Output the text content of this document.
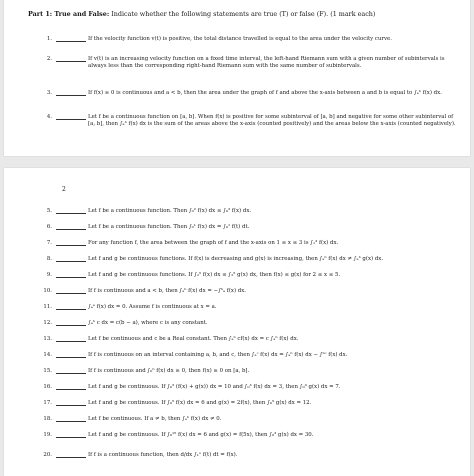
Part 1: True and False: Indicate whether the following statements are true (T) or false (F). (1 mark each)
1.	If the velocity function v(t) is positive, the total distance travelled is equal to the area under the velocity curve.
2.	If v(t) is an increasing velocity function on a fixed time interval, the left-hand Riemann sum with a given number of subintervals is always less than the corresponding right-hand Riemann sum with the same number of subintervals.
3.	If f(x) ≥ 0 is continuous and a < b, then the area under the graph of f and above the x-axis between a and b is equal to ∫ₐᵇ f(x) dx.
4.	Let f be a continuous function on [a, b]. When f(x) is positive for some subinterval of [a, b] and negative for some other subinterval of [a, b], then ∫ₐᵇ f(x) dx is the sum of the areas above the x-axis (counted positively) and the areas below the x-axis (counted negatively).
2
5.	Let f be a continuous function. Then ∫₀² f(x) dx ≤ ∫₀³ f(x) dx.
6.	Let f be a continuous function. Then ∫₀¹ f(x) dx = ∫₀¹ f(t) dt.
7.	For any function f, the area between the graph of f and the x-axis on 1 ≤ x ≤ 3 is ∫₁³ f(x) dx.
8.	Let f and g be continuous functions. If f(x) is decreasing and g(x) is increasing, then ∫ₐᵇ f(x) dx ≠ ∫ₐᵇ g(x) dx.
9.	Let f and g be continuous functions. If ∫₂⁵ f(x) dx ≤ ∫₂⁵ g(x) dx, then f(x) ≤ g(x) for 2 ≤ x ≤ 5.
10.	If f is continuous and a < b, then ∫ₐᵇ f(x) dx = −∫ᵇₐ f(x) dx.
11.	∫ₐᵃ f(x) dx = 0. Assume f is continuous at x = a.
12.	∫ₐᵇ c dx = c(b − a), where c is any constant.
13.	Let f be continuous and c be a Real constant. Then ∫ₐᵇ cf(x) dx = c ∫ₐᵇ f(x) dx.
14.	If f is continuous on an interval containing a, b, and c, then ∫ₐᶜ f(x) dx = ∫ₐᵇ f(x) dx − ∫ᵇᶜ f(x) dx.
15.	If f is continuous and ∫₀ᵇ f(x) dx ≥ 0, then f(x) ≥ 0 on [a, b].
16.	Let f and g be continuous. If ∫₀³ (f(x) + g(x)) dx = 10 and ∫₀³ f(x) dx = 3, then ∫₀³ g(x) dx = 7.
17.	Let f and g be continuous. If ∫₀⁵ f(x) dx = 6 and g(x) = 2f(x), then ∫₀⁵ g(x) dx = 12.
18.	Let f be continuous. If a ≠ b, then ∫ₐᵇ f(x) dx ≠ 0.
19.	Let f and g be continuous. If ∫₀¹⁵ f(x) dx = 6 and g(x) = f(5x), then ∫₀³ g(x) dx = 30.
20.	If f is a continuous function, then d/dx ∫₁ˣ f(t) dt = f(x).
